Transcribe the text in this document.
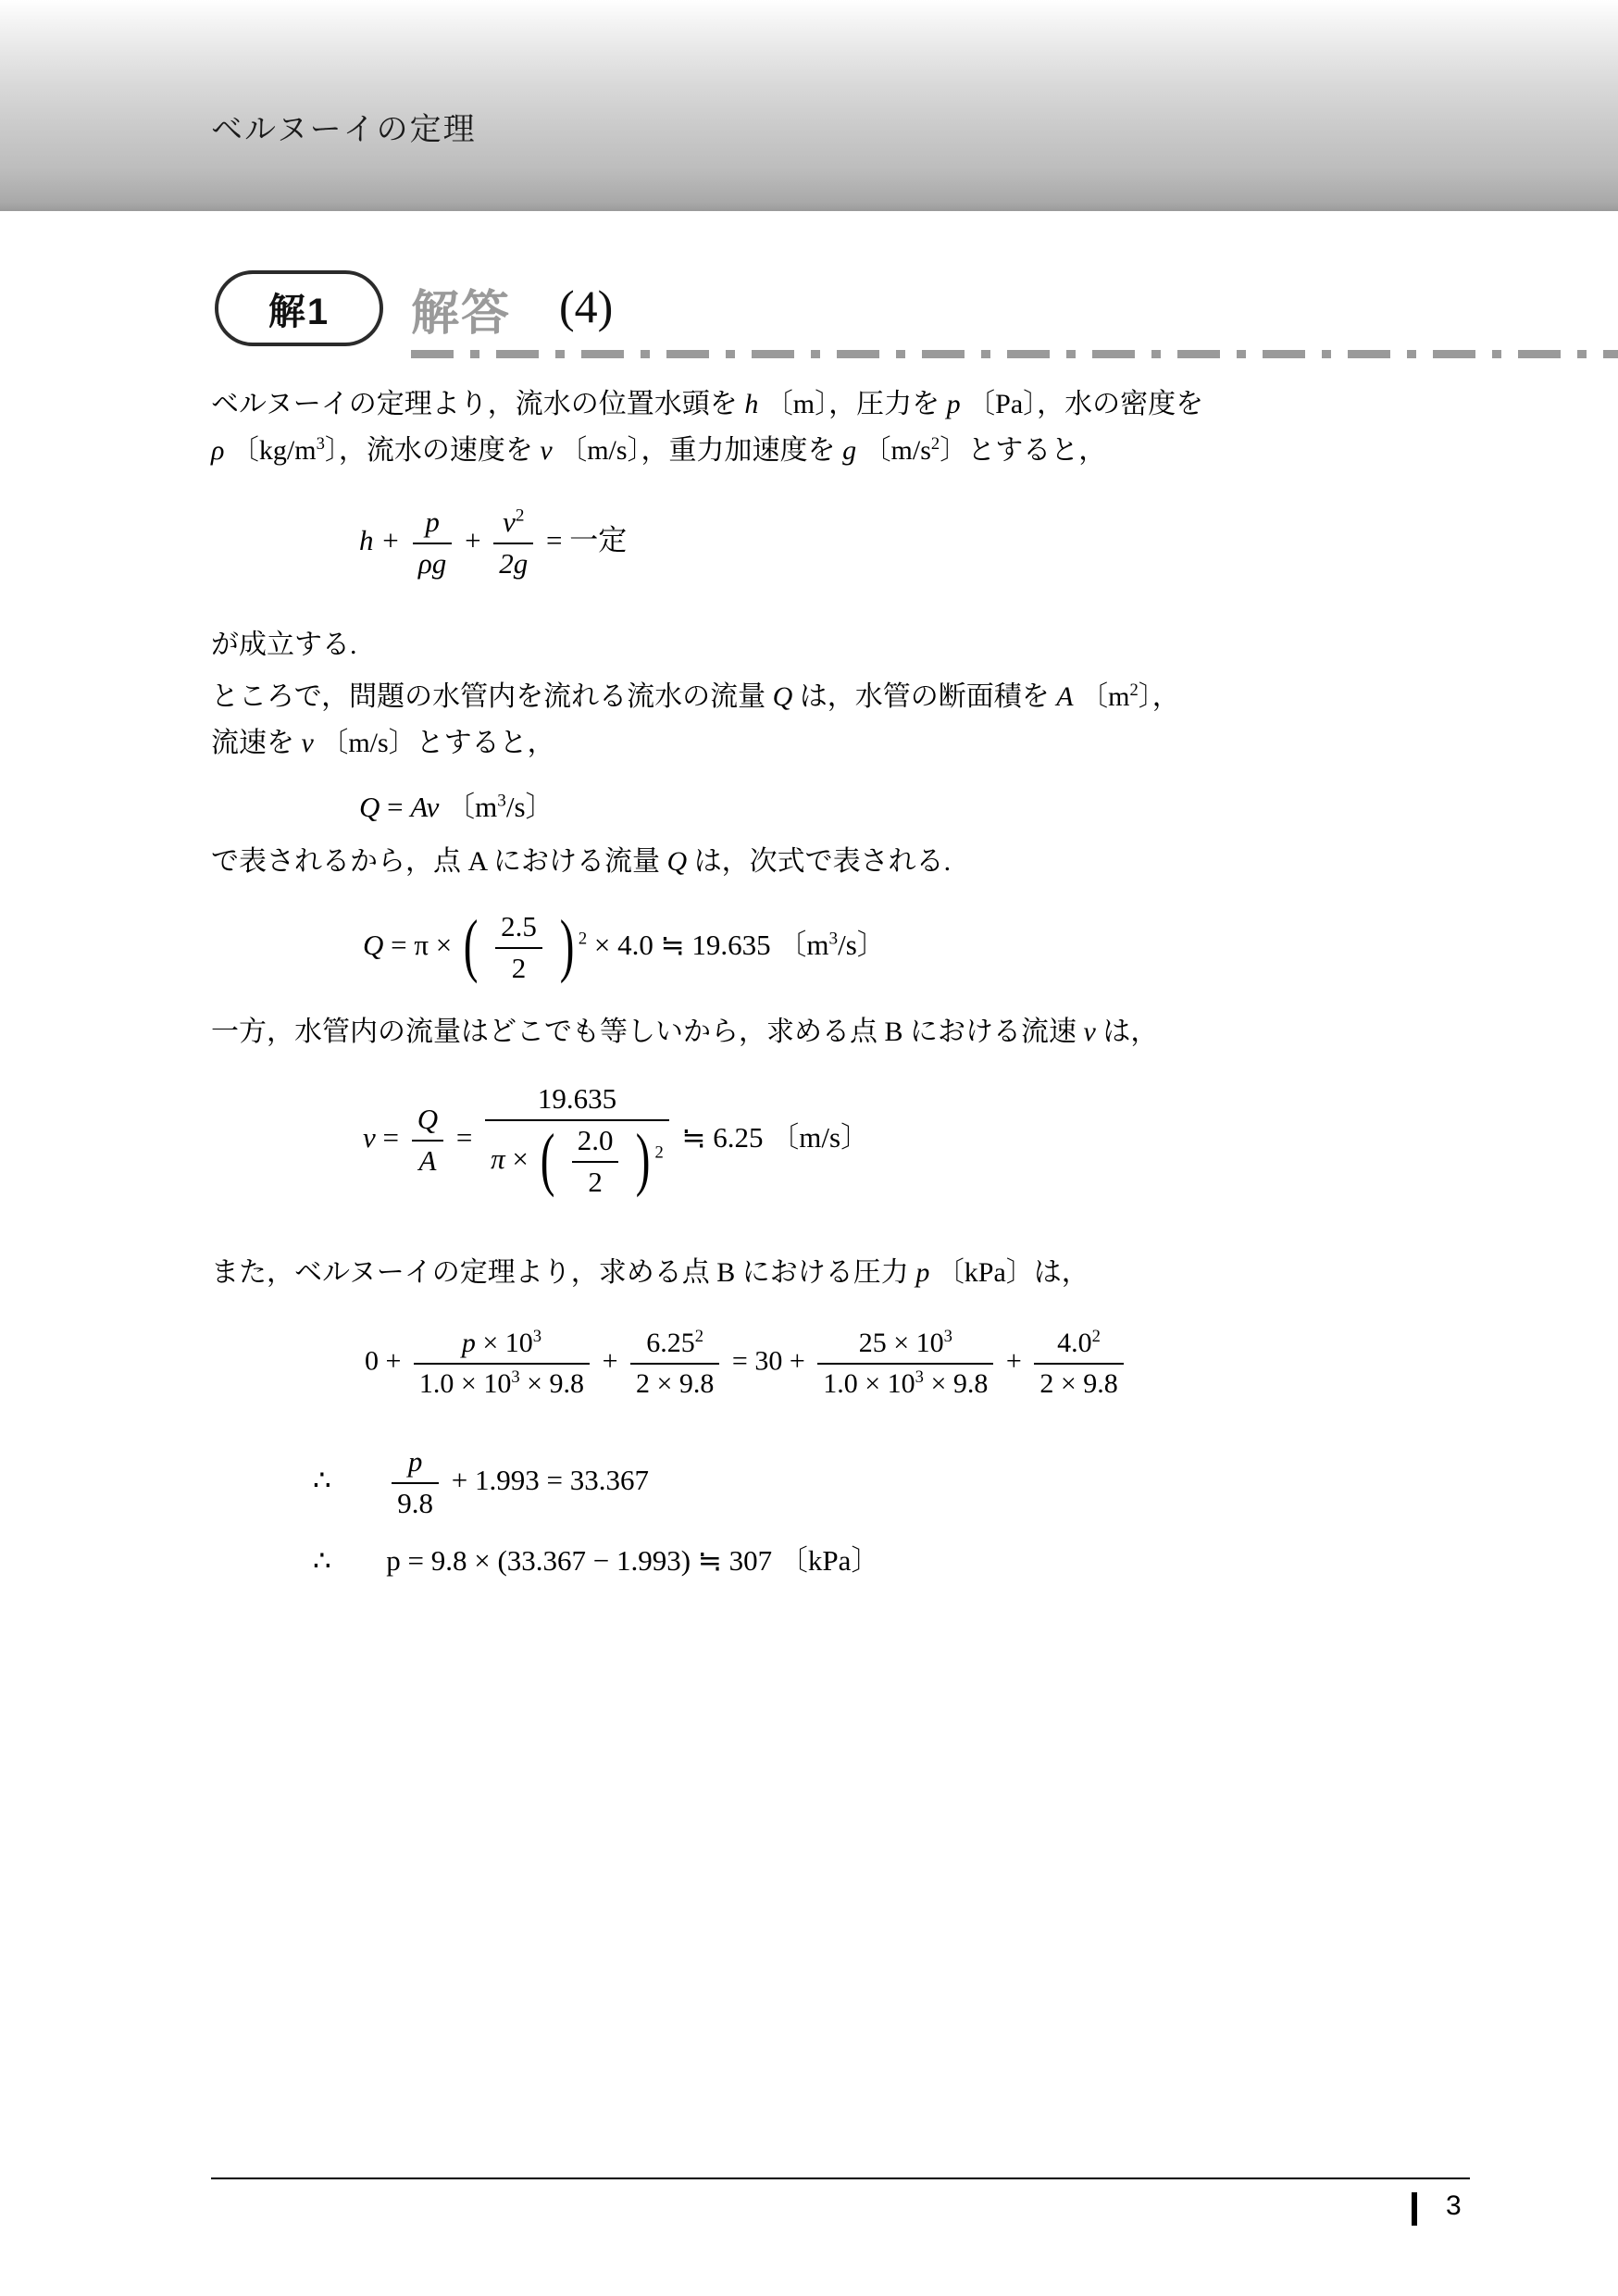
ベルヌーイの定理
解1	解答 (4)
ベルヌーイの定理より，流水の位置水頭を h 〔m〕，圧力を p 〔Pa〕，水の密度を
ρ 〔$kg/m^3$〕，流水の速度を v 〔m/s〕，重力加速度を g 〔$m/s^2$〕とすると，
$h + \frac{p}{\rho g} + \frac{v^2}{2g}$ = 一定
が成立する.
ところで，問題の水管内を流れる流水の流量 Q は，水管の断面積を A 〔$m^2$〕，
流速を v 〔m/s〕とすると，
Q = Av 〔$m^3/s$〕
で表されるから，点 A における流量 Q は，次式で表される.
Q = π × ( $\frac{2.5}{2}$ ) $^2$ × 4.0 ≒ 19.635 〔$m^3/s$〕
一方，水管内の流量はどこでも等しいから，求める点 B における流速 v は，
$v = \frac{Q}{A}$ =
19.635
π × ( $\frac{2.0}{2}$ ) $^2$ ≒ 6.25 〔m/s〕
また，ベルヌーイの定理より，求める点 B における圧力 p 〔kPa〕は，
$0 + \frac{p \times 10^3}{1.0 \times 10^3 \times 9.8} + \frac{6.25^2}{2 \times 9.8} = 30 + \frac{25 \times 10^3}{1.0 \times 10^3 \times 9.8} + \frac{4.0^2}{2 \times 9.8}$
∴ $\frac{p}{9.8} + 1.993 = 33.367$
∴ p = 9.8 × (33.367 − 1.993) ≒ 307 〔kPa〕
3
